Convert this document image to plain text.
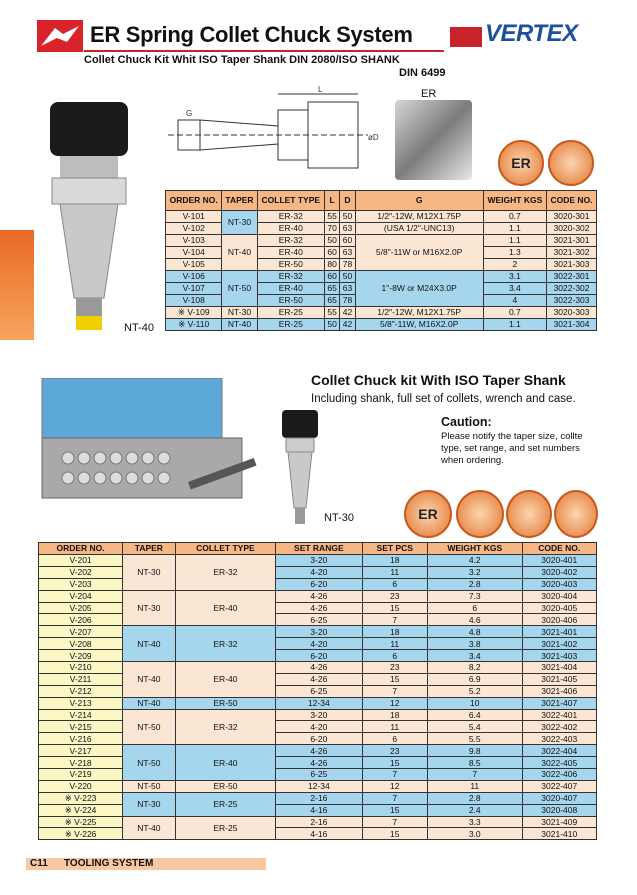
ER Spring Collet Chuck System	VERTEX
Collet Chuck Kit Whit ISO Taper Shank DIN 2080/ISO SHANK
DIN 6499
NT-40
L
øD
G
ER
ER
ORDER NO.	TAPER	COLLET TYPE	L	D	G	WEIGHT KGS	CODE NO.
V-101	NT-30	ER-32	55	50	1/2"-12W, M12X1.75P	0.7	3020-301
V-102		ER-40	70	63	(USA 1/2"-UNC13)	1.1	3020-302
V-103	NT-40	ER-32	50	60	5/8"-11W or M16X2.0P	1.1	3021-301
V-104		ER-40	60	63		1.3	3021-302
V-105		ER-50	80	78		2	3021-303
V-106	NT-50	ER-32	60	50	1"-8W or M24X3.0P	3.1	3022-301
V-107		ER-40	65	63		3.4	3022-302
V-108		ER-50	65	78		4	3022-303
※ V-109	NT-30	ER-25	55	42	1/2"-12W, M12X1.75P	0.7	3020-303
※ V-110	NT-40	ER-25	50	42	5/8"-11W, M16X2.0P	1.1	3021-304
Collet Chuck kit With ISO Taper Shank
Including shank, full set of collets, wrench and case.
Caution:
Please notify the taper size, collte type, set range, and set numbers when ordering.
NT-30	ER
ORDER NO.	TAPER	COLLET TYPE	SET RANGE	SET PCS	WEIGHT KGS	CODE NO.
V-201	NT-30	ER-32	3-20	18	4.2	3020-401
V-202			4-20	11	3.2	3020-402
V-203			6-20	6	2.8	3020-403
V-204	NT-30	ER-40	4-26	23	7.3	3020-404
V-205			4-26	15	6	3020-405
V-206			6-25	7	4.6	3020-406
V-207	NT-40	ER-32	3-20	18	4.8	3021-401
V-208			4-20	11	3.8	3021-402
V-209			6-20	6	3.4	3021-403
V-210	NT-40	ER-40	4-26	23	8.2	3021-404
V-211			4-26	15	6.9	3021-405
V-212			6-25	7	5.2	3021-406
V-213	NT-40	ER-50	12-34	12	10	3021-407
V-214	NT-50	ER-32	3-20	18	6.4	3022-401
V-215			4-20	11	5.4	3022-402
V-216			6-20	6	5.5	3022-403
V-217	NT-50	ER-40	4-26	23	9.8	3022-404
V-218			4-26	15	8.5	3022-405
V-219			6-25	7	7	3022-406
V-220	NT-50	ER-50	12-34	12	11	3022-407
※ V-223	NT-30	ER-25	2-16	7	2.8	3020-407
※ V-224			4-16	15	2.4	3020-408
※ V-225	NT-40	ER-25	2-16	7	3.3	3021-409
※ V-226			4-16	15	3.0	3021-410
C11 TOOLING SYSTEM
